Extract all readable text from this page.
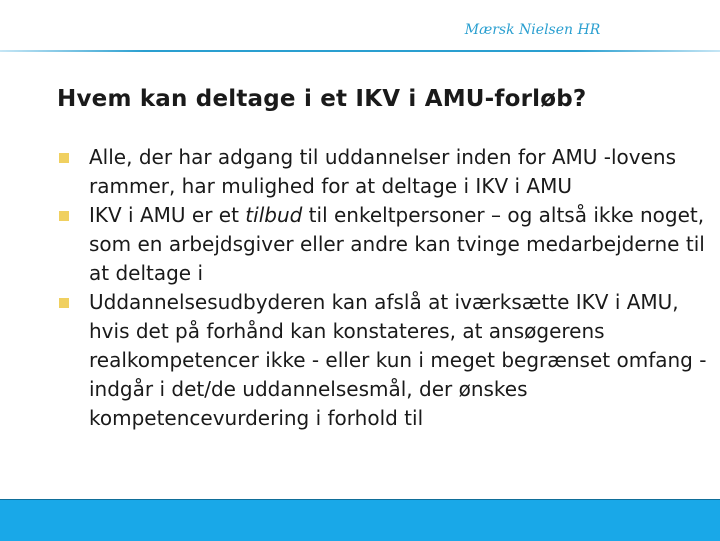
Mærsk Nielsen HR
Hvem kan deltage i et IKV i AMU-forløb?
Alle, der har adgang til uddannelser inden for AMU -lovens rammer, har mulighed for at deltage i IKV i AMU
IKV i AMU er et tilbud til enkeltpersoner – og altså ikke noget, som en arbejdsgiver eller andre kan tvinge medarbejderne til at deltage i
Uddannelsesudbyderen kan afslå at iværksætte IKV i AMU, hvis det på forhånd kan konstateres, at ansøgerens realkompetencer ikke - eller kun i meget begrænset omfang - indgår i det/de uddannelsesmål, der ønskes kompetencevurdering i forhold til
